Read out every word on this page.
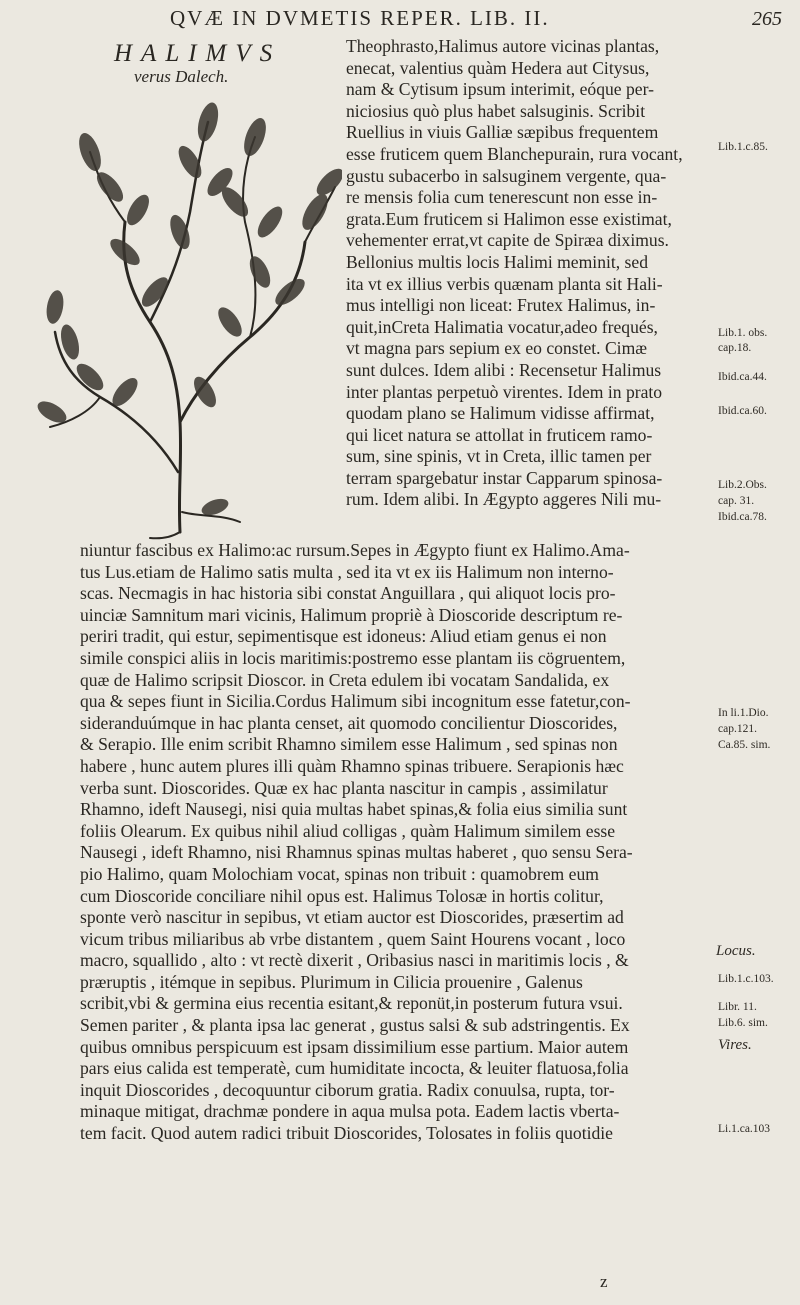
QVÆ IN DVMETIS REPER. LIB. II.	265
HALIMVS
verus Dalech.
Theophrasto,Halimus autore vicinas plantas,
enecat, valentius quàm Hedera aut Citysus,
nam & Cytisum ipsum interimit, eóque per-
niciosius quò plus habet salsuginis. Scribit
Ruellius in viuis Galliæ sæpibus frequentem
esse fruticem quem Blanchepurain, rura vocant,
gustu subacerbo in salsuginem vergente, qua-
re mensis folia cum tenerescunt non esse in-
grata.Eum fruticem si Halimon esse existimat,
vehementer errat,vt capite de Spiræa diximus.
Bellonius multis locis Halimi meminit, sed
ita vt ex illius verbis quænam planta sit Hali-
mus intelligi non liceat: Frutex Halimus, in-
quit,inCreta Halimatia vocatur,adeo frequés,
vt magna pars sepium ex eo constet. Cimæ
sunt dulces. Idem alibi : Recensetur Halimus
inter plantas perpetuò virentes. Idem in prato
quodam plano se Halimum vidisse affirmat,
qui licet natura se attollat in fruticem ramo-
sum, sine spinis, vt in Creta, illic tamen per
terram spargebatur instar Capparum spinosa-
rum. Idem alibi. In Ægypto aggeres Nili mu-
niuntur fascibus ex Halimo:ac rursum.Sepes in Ægypto fiunt ex Halimo.Ama-
tus Lus.etiam de Halimo satis multa , sed ita vt ex iis Halimum non interno-
scas. Necmagis in hac historia sibi constat Anguillara , qui aliquot locis pro-
uinciæ Samnitum mari vicinis, Halimum propriè à Dioscoride descriptum re-
periri tradit, qui estur, sepimentisque est idoneus: Aliud etiam genus ei non
simile conspici aliis in locis maritimis:postremo esse plantam iis cögruentem,
quæ de Halimo scripsit Dioscor. in Creta edulem ibi vocatam Sandalida, ex
qua & sepes fiunt in Sicilia.Cordus Halimum sibi incognitum esse fatetur,con-
sideranduúmque in hac planta censet, ait quomodo concilientur Dioscorides,
& Serapio. Ille enim scribit Rhamno similem esse Halimum , sed spinas non
habere , hunc autem plures illi quàm Rhamno spinas tribuere. Serapionis hæc
verba sunt. Dioscorides. Quæ ex hac planta nascitur in campis , assimilatur
Rhamno, ideft Nausegi, nisi quia multas habet spinas,& folia eius similia sunt
foliis Olearum. Ex quibus nihil aliud colligas , quàm Halimum similem esse
Nausegi , ideft Rhamno, nisi Rhamnus spinas multas haberet , quo sensu Sera-
pio Halimo, quam Molochiam vocat, spinas non tribuit : quamobrem eum
cum Dioscoride conciliare nihil opus est. Halimus Tolosæ in hortis colitur,
sponte verò nascitur in sepibus, vt etiam auctor est Dioscorides, præsertim ad
vicum tribus miliaribus ab vrbe distantem , quem Saint Hourens vocant , loco
macro, squallido , alto : vt rectè dixerit , Oribasius nasci in maritimis locis , &
præruptis , itémque in sepibus. Plurimum in Cilicia prouenire , Galenus
scribit,vbi & germina eius recentia esitant,& reponüt,in posterum futura vsui.
Semen pariter , & planta ipsa lac generat , gustus salsi & sub adstringentis. Ex
quibus omnibus perspicuum est ipsam dissimilium esse partium. Maior autem
pars eius calida est temperatè, cum humiditate incocta, & leuiter flatuosa,folia
inquit Dioscorides , decoquuntur ciborum gratia. Radix conuulsa, rupta, tor-
minaque mitigat, drachmæ pondere in aqua mulsa pota. Eadem lactis vberta-
tem facit. Quod autem radici tribuit Dioscorides, Tolosates in foliis quotidie
Lib.1.c.85.
Lib.1. obs.
cap.18.
Ibid.ca.44.
Ibid.ca.60.
Lib.2.Obs.
cap. 31.
Ibid.ca.78.
In li.1.Dio.
cap.121.
Ca.85. sim.
Locus.
Lib.1.c.103.
Libr. 11.
Lib.6. sim.
Vires.
Li.1.ca.103
z
